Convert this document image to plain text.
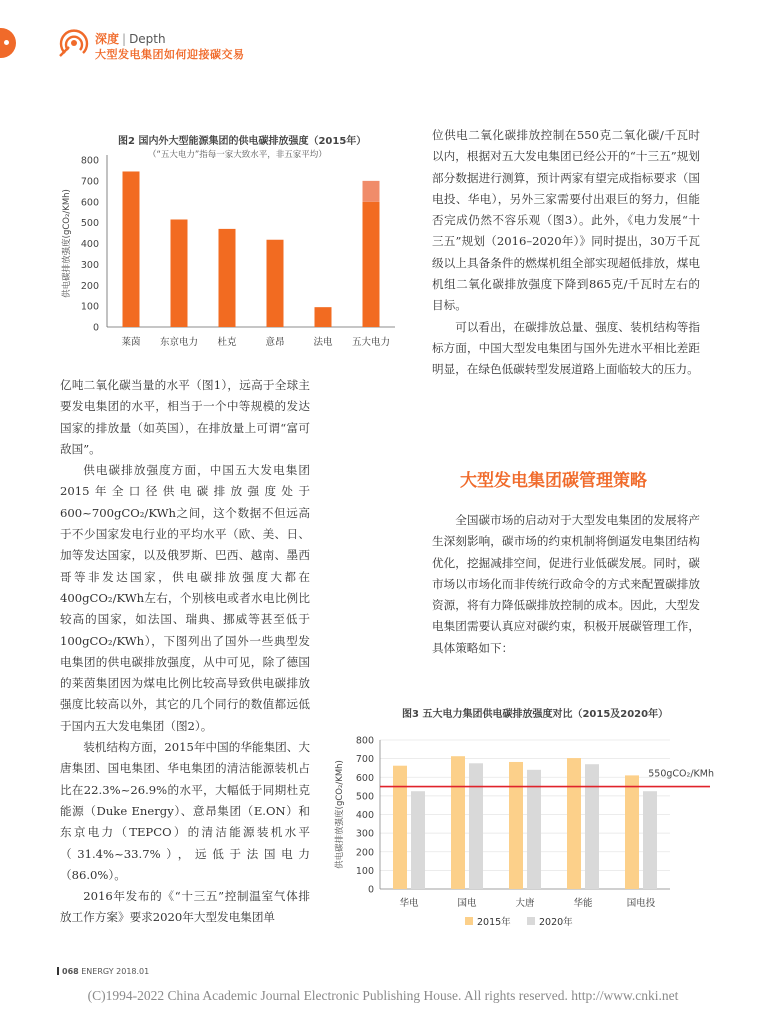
深度 | Depth
大型发电集团如何迎接碳交易
图2 国内外大型能源集团的供电碳排放强度（2015年）
（“五大电力”指每一家大致水平，非五家平均）
0
100
200
300
400
500
600
700
800
莱茵 东京电力 杜克	意昂	法电 五大电力
供电碳排放强度(gCO₂/KMh)

亿吨二氧化碳当量的水平（图1），远高于全球主要发电集团的水平，相当于一个中等规模的发达国家的排放量（如英国），在排放量上可谓“富可敌国”。

供电碳排放强度方面，中国五大发电集团2015年全口径供电碳排放强度处于600~700gCO₂/KWh之间，这个数据不但远高于不少国家发电行业的平均水平（欧、美、日、加等发达国家，以及俄罗斯、巴西、越南、墨西哥等非发达国家，供电碳排放强度大都在400gCO₂/KWh左右，个别核电或者水电比例比较高的国家，如法国、瑞典、挪威等甚至低于100gCO₂/KWh），下图列出了国外一些典型发电集团的供电碳排放强度，从中可见，除了德国的莱茵集团因为煤电比例比较高导致供电碳排放强度比较高以外，其它的几个同行的数值都远低于国内五大发电集团（图2）。

装机结构方面，2015年中国的华能集团、大唐集团、国电集团、华电集团的清洁能源装机占比在22.3%~26.9%的水平，大幅低于同期杜克能源（Duke Energy）、意昂集团（E.ON）和东京电力（TEPCO）的清洁能源装机水平（31.4%~33.7%），远低于法国电力（86.0%）。

2016年发布的《“十三五”控制温室气体排放工作方案》要求2020年大型发电集团单

位供电二氧化碳排放控制在550克二氧化碳/千瓦时以内，根据对五大发电集团已经公开的“十三五”规划部分数据进行测算，预计两家有望完成指标要求（国电投、华电），另外三家需要付出艰巨的努力，但能否完成仍然不容乐观（图3）。此外，《电力发展“十三五”规划（2016–2020年）》同时提出，30万千瓦级以上具备条件的燃煤机组全部实现超低排放，煤电机组二氧化碳排放强度下降到865克/千瓦时左右的目标。

可以看出，在碳排放总量、强度、装机结构等指标方面，中国大型发电集团与国外先进水平相比差距明显，在绿色低碳转型发展道路上面临较大的压力。

大型发电集团碳管理策略

全国碳市场的启动对于大型发电集团的发展将产生深刻影响，碳市场的约束机制将倒逼发电集团结构优化，挖掘减排空间，促进行业低碳发展。同时，碳市场以市场化而非传统行政命令的方式来配置碳排放资源，将有力降低碳排放控制的成本。因此，大型发电集团需要认真应对碳约束，积极开展碳管理工作，具体策略如下：

图3 五大电力集团供电碳排放强度对比（2015及2020年）
0
100
200
300
400
500
600
700
800
华电	国电	大唐	华能	国电投
550gCO₂/KMh
供电碳排放强度(gCO₂/KMh)
2015年	2020年
068 ENERGY 2018.01
(C)1994-2022 China Academic Journal Electronic Publishing House. All rights reserved. http://www.cnki.net
